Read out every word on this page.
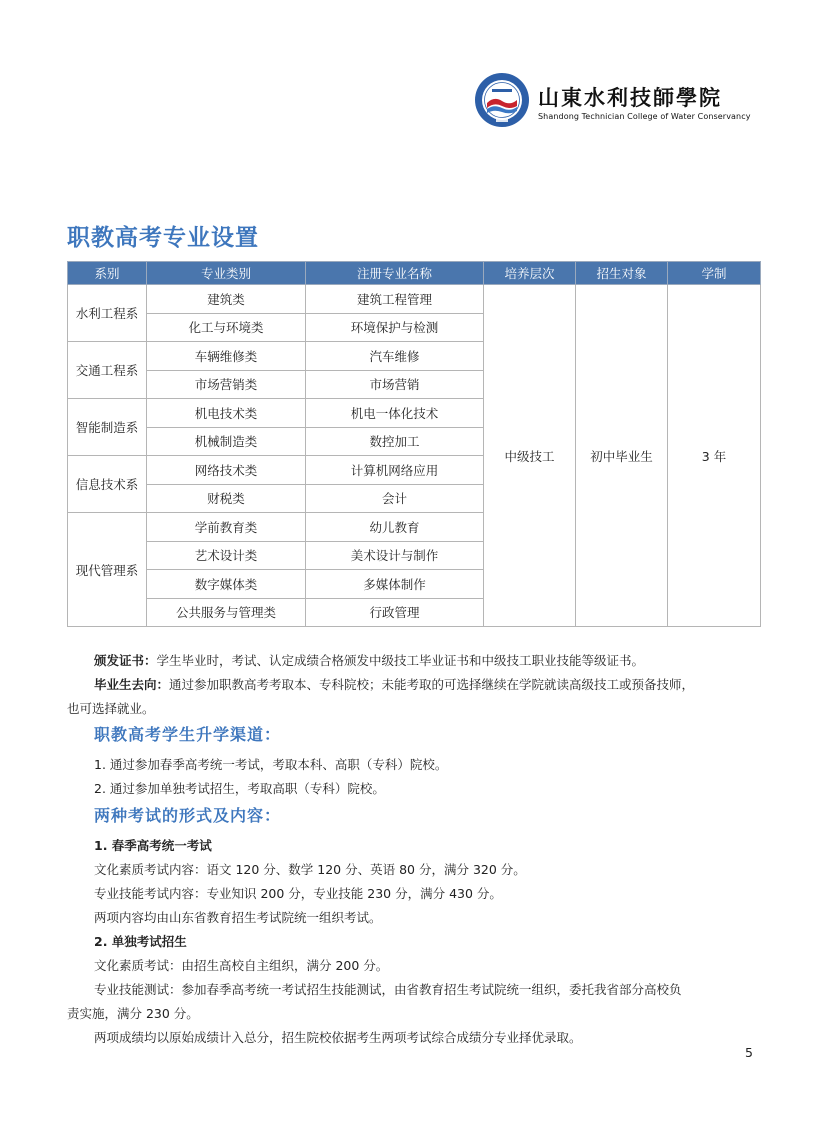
山東水利技師學院
Shandong Technician College of Water Conservancy
职教高考专业设置
系别	专业类别	注册专业名称	培养层次	招生对象	学制
水利工程系	建筑类	建筑工程管理	中级技工	初中毕业生	3 年
	化工与环境类	环境保护与检测			
交通工程系	车辆维修类	汽车维修			
	市场营销类	市场营销			
智能制造系	机电技术类	机电一体化技术			
	机械制造类	数控加工			
信息技术系	网络技术类	计算机网络应用			
	财税类	会计			
现代管理系	学前教育类	幼儿教育			
	艺术设计类	美术设计与制作			
	数字媒体类	多媒体制作			
	公共服务与管理类	行政管理			

颁发证书：学生毕业时，考试、认定成绩合格颁发中级技工毕业证书和中级技工职业技能等级证书。

毕业生去向：通过参加职教高考考取本、专科院校；未能考取的可选择继续在学院就读高级技工或预备技师，

也可选择就业。

职教高考学生升学渠道：

1. 通过参加春季高考统一考试，考取本科、高职（专科）院校。

2. 通过参加单独考试招生，考取高职（专科）院校。

两种考试的形式及内容：

1. 春季高考统一考试

文化素质考试内容：语文 120 分、数学 120 分、英语 80 分，满分 320 分。

专业技能考试内容：专业知识 200 分，专业技能 230 分，满分 430 分。

两项内容均由山东省教育招生考试院统一组织考试。

2. 单独考试招生

文化素质考试：由招生高校自主组织，满分 200 分。

专业技能测试：参加春季高考统一考试招生技能测试，由省教育招生考试院统一组织，委托我省部分高校负

责实施，满分 230 分。

两项成绩均以原始成绩计入总分，招生院校依据考生两项考试综合成绩分专业择优录取。

5
